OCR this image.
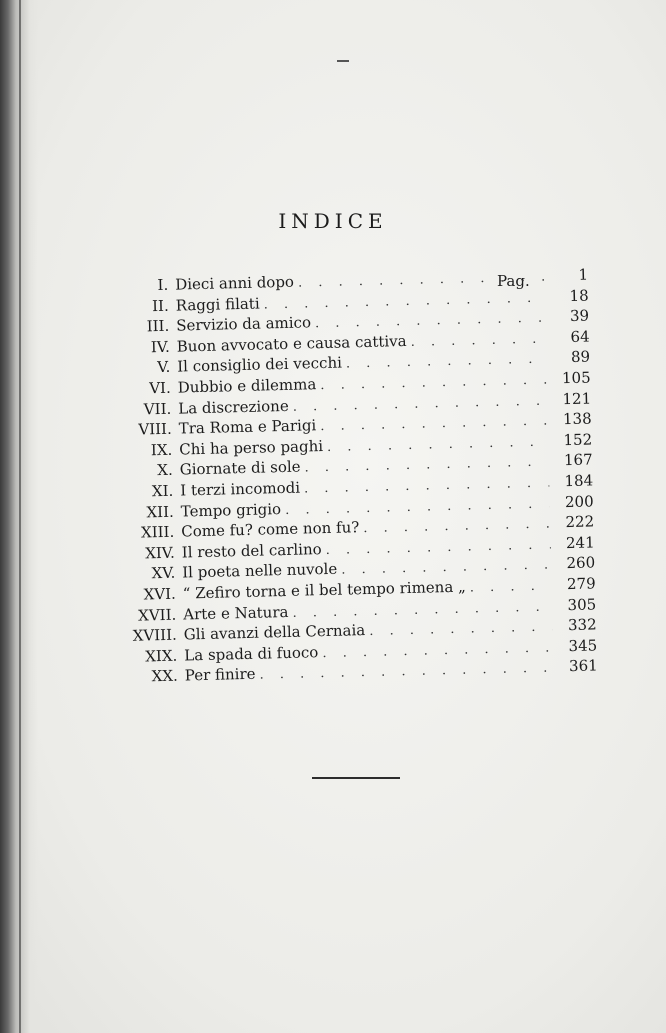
INDICE
Pag.
I. Dieci anni dopo . . .	1
II. Raggi filati . . .	18
III. Servizio da amico . . .	39
IV. Buon avvocato e causa cattiva . . .	64
V. Il consiglio dei vecchi . . .	89
VI. Dubbio e dilemma . . .	105
VII. La discrezione . . .	121
VIII. Tra Roma e Parigi . . .	138
IX. Chi ha perso paghi . . .	152
X. Giornate di sole . . .	167
XI. I terzi incomodi . . .	184
XII. Tempo grigio . . .	200
XIII. Come fu? come non fu? . . .	222
XIV. Il resto del carlino . . .	241
XV. Il poeta nelle nuvole . . .	260
XVI. “ Zefiro torna e il bel tempo rimena „ . . .	279
XVII. Arte e Natura . . .	305
XVIII. Gli avanzi della Cernaia . . .	332
XIX. La spada di fuoco . . .	345
XX. Per finire . . .	361
